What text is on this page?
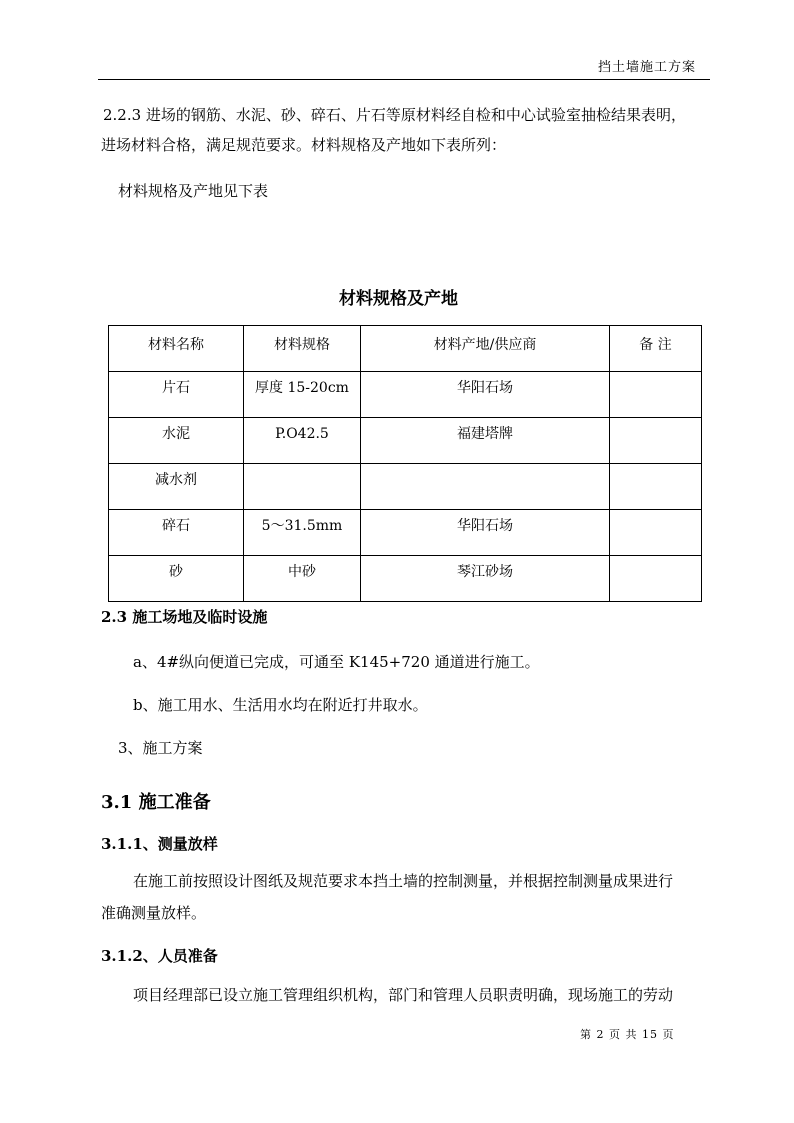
挡土墙施工方案
2.2.3 进场的钢筋、水泥、砂、碎石、片石等原材料经自检和中心试验室抽检结果表明，
进场材料合格，满足规范要求。材料规格及产地如下表所列：
材料规格及产地见下表
材料规格及产地
材料名称	材料规格	材料产地/供应商	备 注
片石	厚度 15-20cm	华阳石场	
水泥	P.O42.5	福建塔牌	
减水剂			
碎石	5～31.5mm	华阳石场	
砂	中砂	琴江砂场	
2.3 施工场地及临时设施
a、4#纵向便道已完成，可通至 K145+720 通道进行施工。
b、施工用水、生活用水均在附近打井取水。
3、施工方案
3.1 施工准备
3.1.1、测量放样
在施工前按照设计图纸及规范要求本挡土墙的控制测量，并根据控制测量成果进行
准确测量放样。
3.1.2、人员准备
项目经理部已设立施工管理组织机构，部门和管理人员职责明确，现场施工的劳动
第 2 页 共 15 页
